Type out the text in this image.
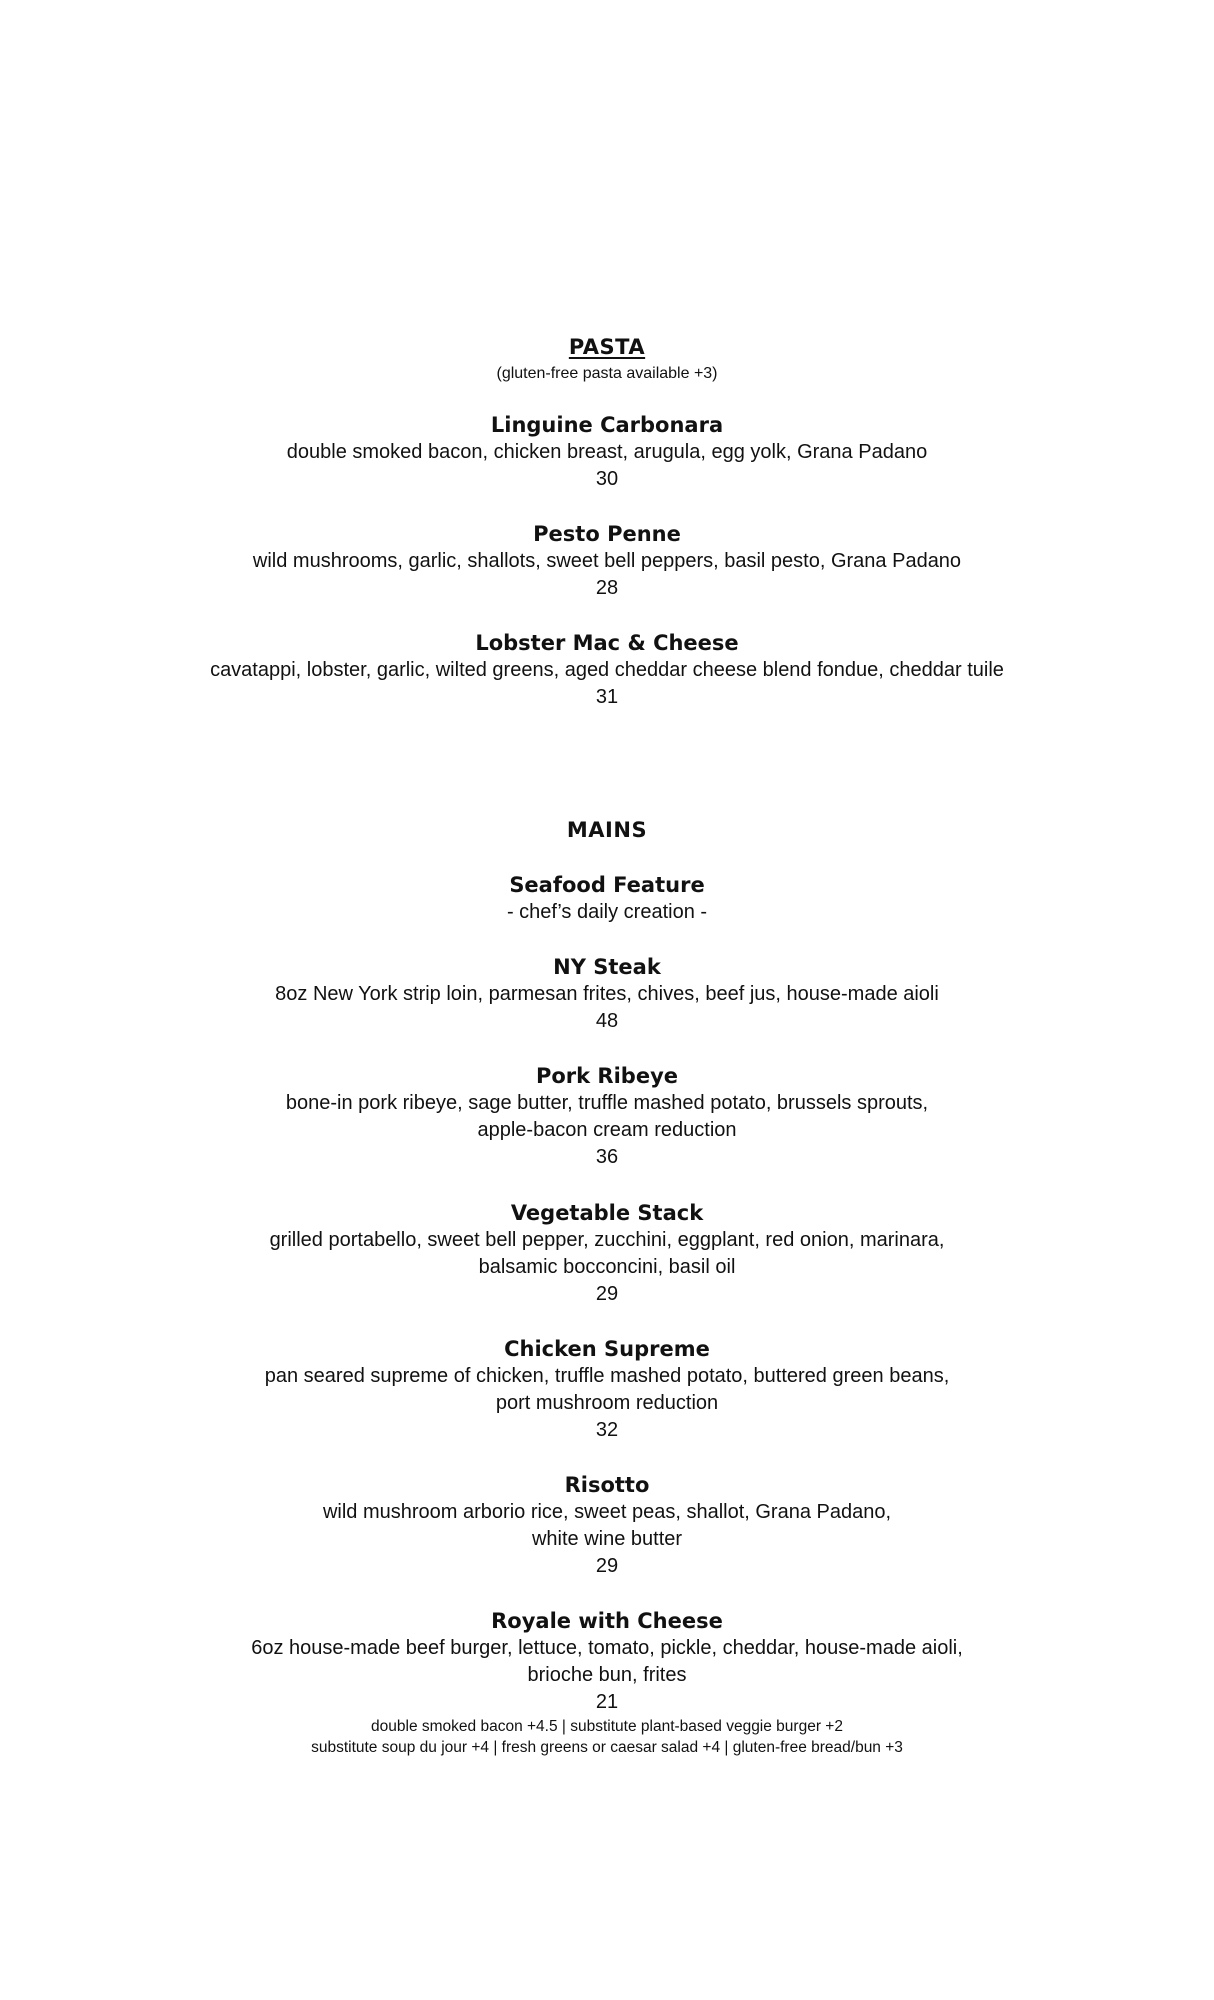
PASTA
(gluten-free pasta available +3)
Linguine Carbonara
double smoked bacon, chicken breast, arugula, egg yolk, Grana Padano
30
Pesto Penne
wild mushrooms, garlic, shallots, sweet bell peppers, basil pesto, Grana Padano
28
Lobster Mac & Cheese
cavatappi, lobster, garlic, wilted greens, aged cheddar cheese blend fondue, cheddar tuile
31
MAINS
Seafood Feature
- chef’s daily creation -
NY Steak
8oz New York strip loin, parmesan frites, chives, beef jus, house-made aioli
48
Pork Ribeye
bone-in pork ribeye, sage butter, truffle mashed potato, brussels sprouts,
apple-bacon cream reduction
36
Vegetable Stack
grilled portabello, sweet bell pepper, zucchini, eggplant, red onion, marinara,
balsamic bocconcini, basil oil
29
Chicken Supreme
pan seared supreme of chicken, truffle mashed potato, buttered green beans,
port mushroom reduction
32
Risotto
wild mushroom arborio rice, sweet peas, shallot, Grana Padano,
white wine butter
29
Royale with Cheese
6oz house-made beef burger, lettuce, tomato, pickle, cheddar, house-made aioli,
brioche bun, frites
21
double smoked bacon +4.5 | substitute plant-based veggie burger +2
substitute soup du jour +4 | fresh greens or caesar salad +4 | gluten-free bread/bun +3
